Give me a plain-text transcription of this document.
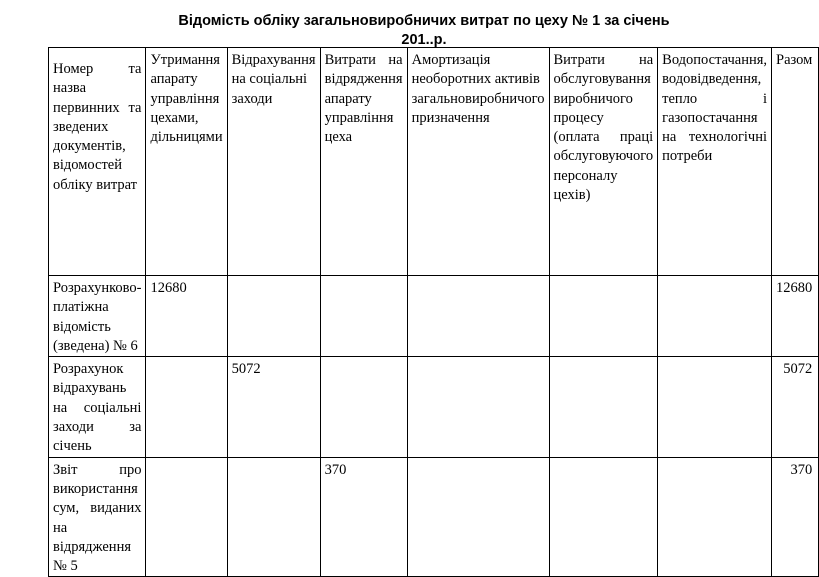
Відомість обліку загальновиробничих витрат по цеху № 1 за січень 201..р.
Номер та назва первинних та зведених документів, відомостей обліку витрат	Утримання апарату управління цехами, дільницями	Відрахування на соціальні заходи	Витрати на відрядження апарату управління цеха	Амортизація необоротних активів загальновиробничого призначення	Витрати на обслуговування виробничого процесу (оплата праці обслуговуючого персоналу цехів)	Водопостачання, водовідведення, тепло і газопостачання на технологічні потреби	Разом
Розрахунково-платіжна відомість (зведена) № 6	12680						12680
Розрахунок відрахувань на соціальні заходи за січень		5072					5072
Звіт про використання сум, виданих на відрядження № 5			370				370
